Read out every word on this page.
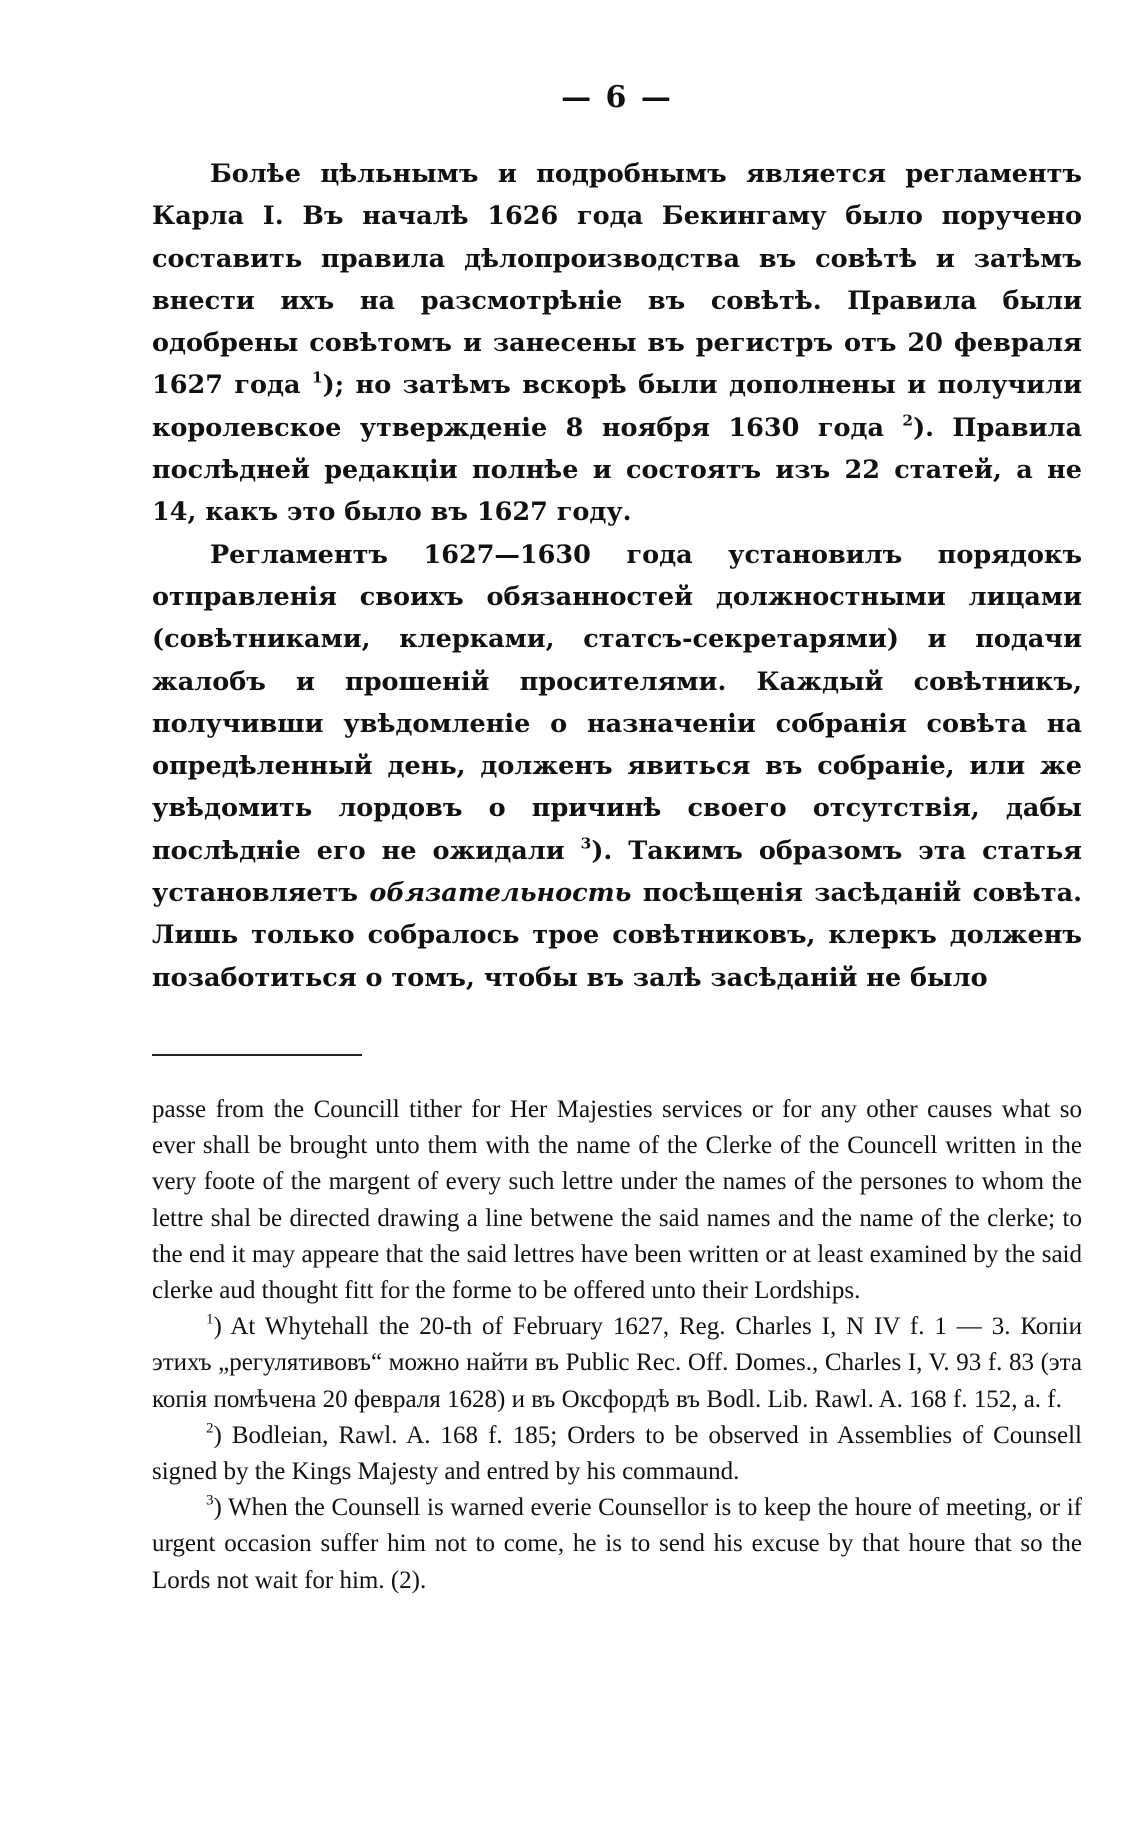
— 6 —

Болѣе цѣльнымъ и подробнымъ является регламентъ Карла I. Въ началѣ 1626 года Бекингаму было поручено составить правила дѣлопроизводства въ совѣтѣ и затѣмъ внести ихъ на разсмотрѣніе въ совѣтѣ. Правила были одобрены совѣтомъ и занесены въ регистръ отъ 20 февраля 1627 года $^1$); но затѣмъ вскорѣ были дополнены и получили королевское утвержденіе 8 ноября 1630 года $^2$). Правила послѣдней редакціи полнѣе и состоятъ изъ 22 статей, а не 14, какъ это было въ 1627 году.

Регламентъ 1627—1630 года установилъ порядокъ отправленія своихъ обязанностей должностными лицами (совѣтниками, клерками, статсъ-секретарями) и подачи жалобъ и прошеній просителями. Каждый совѣтникъ, получивши увѣдомленіе о назначеніи собранія совѣта на опредѣленный день, долженъ явиться въ собраніе, или же увѣдомить лордовъ о причинѣ своего отсутствія, дабы послѣдніе его не ожидали $^3$). Такимъ образомъ эта статья установляетъ обязательность посѣщенія засѣданій совѣта. Лишь только собралось трое совѣтниковъ, клеркъ долженъ позаботиться о томъ, чтобы въ залѣ засѣданій не было

passe from the Councill tither for Her Majesties services or for any other causes what so ever shall be brought unto them with the name of the Clerke of the Councell written in the very foote of the margent of every such lettre under the names of the persones to whom the lettre shal be directed drawing a line betwene the said names and the name of the clerke; to the end it may appeare that the said lettres have been written or at least examined by the said clerke aud thought fitt for the forme to be offered unto their Lordships.

$^1$) At Whytehall the 20-th of February 1627, Reg. Charles I, N IV f. 1 — 3. Копіи этихъ „регулятивовъ“ можно найти въ Public Rec. Off. Domes., Charles I, V. 93 f. 83 (эта копія помѣчена 20 февраля 1628) и въ Оксфордѣ въ Bodl. Lib. Rawl. A. 168 f. 152, a. f.

$^2$) Bodleian, Rawl. A. 168 f. 185; Orders to be observed in Assemblies of Counsell signed by the Kings Majesty and entred by his commaund.

$^3$) When the Counsell is warned everie Counsellor is to keep the houre of meeting, or if urgent occasion suffer him not to come, he is to send his excuse by that houre that so the Lords not wait for him. (2).
